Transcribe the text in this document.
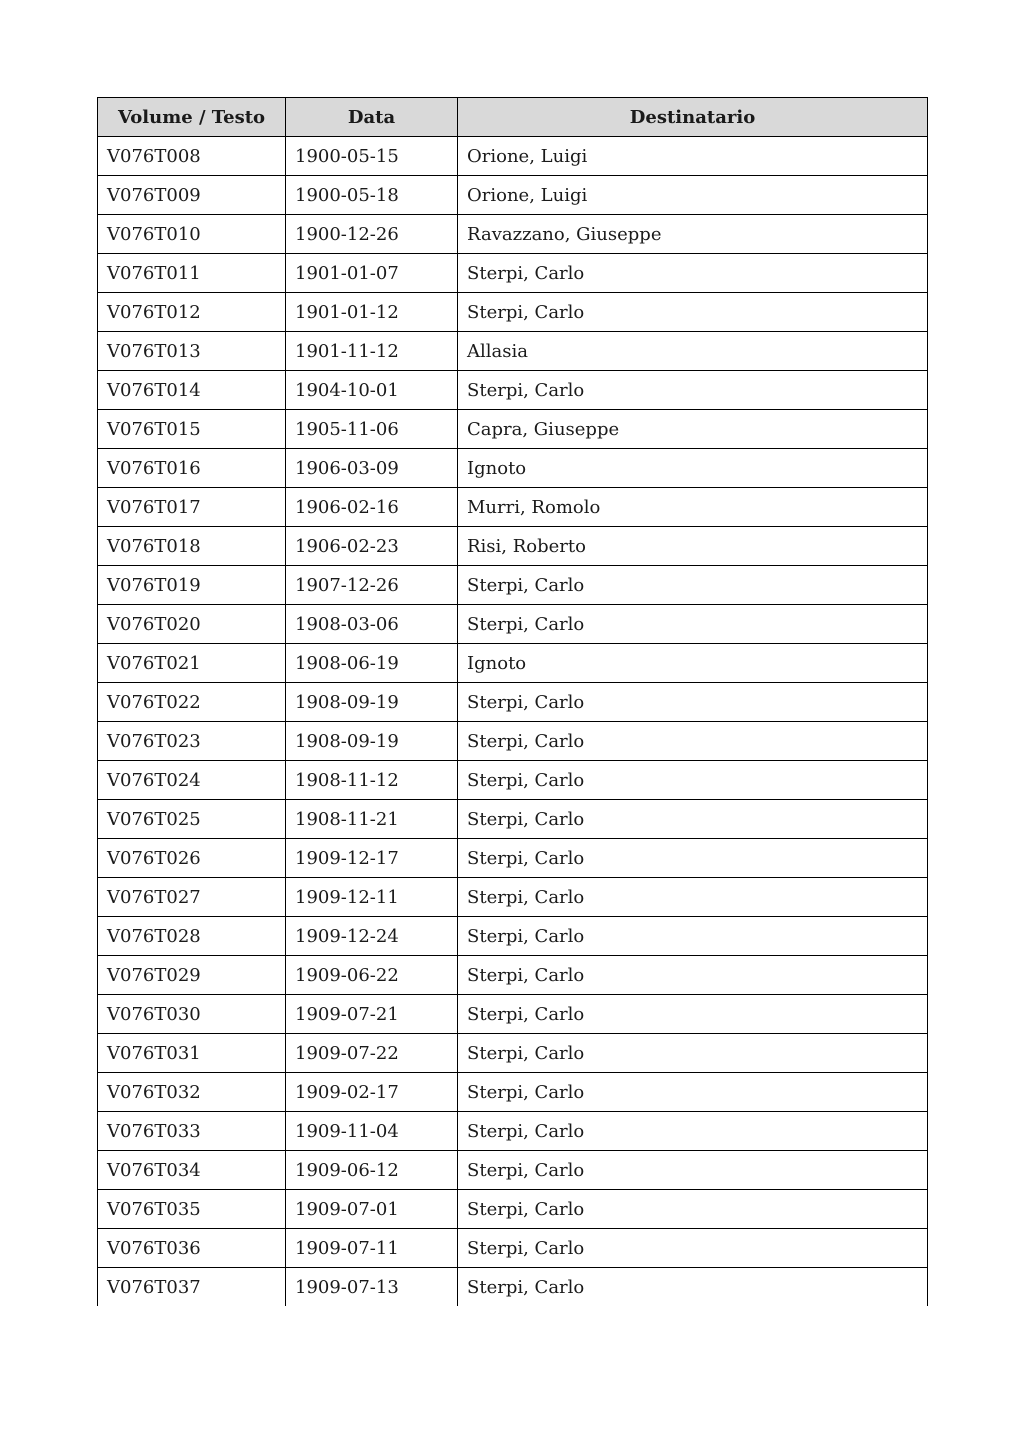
Volume / Testo	Data	Destinatario
V076T008	1900-05-15	Orione, Luigi
V076T009	1900-05-18	Orione, Luigi
V076T010	1900-12-26	Ravazzano, Giuseppe
V076T011	1901-01-07	Sterpi, Carlo
V076T012	1901-01-12	Sterpi, Carlo
V076T013	1901-11-12	Allasia
V076T014	1904-10-01	Sterpi, Carlo
V076T015	1905-11-06	Capra, Giuseppe
V076T016	1906-03-09	Ignoto
V076T017	1906-02-16	Murri, Romolo
V076T018	1906-02-23	Risi, Roberto
V076T019	1907-12-26	Sterpi, Carlo
V076T020	1908-03-06	Sterpi, Carlo
V076T021	1908-06-19	Ignoto
V076T022	1908-09-19	Sterpi, Carlo
V076T023	1908-09-19	Sterpi, Carlo
V076T024	1908-11-12	Sterpi, Carlo
V076T025	1908-11-21	Sterpi, Carlo
V076T026	1909-12-17	Sterpi, Carlo
V076T027	1909-12-11	Sterpi, Carlo
V076T028	1909-12-24	Sterpi, Carlo
V076T029	1909-06-22	Sterpi, Carlo
V076T030	1909-07-21	Sterpi, Carlo
V076T031	1909-07-22	Sterpi, Carlo
V076T032	1909-02-17	Sterpi, Carlo
V076T033	1909-11-04	Sterpi, Carlo
V076T034	1909-06-12	Sterpi, Carlo
V076T035	1909-07-01	Sterpi, Carlo
V076T036	1909-07-11	Sterpi, Carlo
V076T037	1909-07-13	Sterpi, Carlo
